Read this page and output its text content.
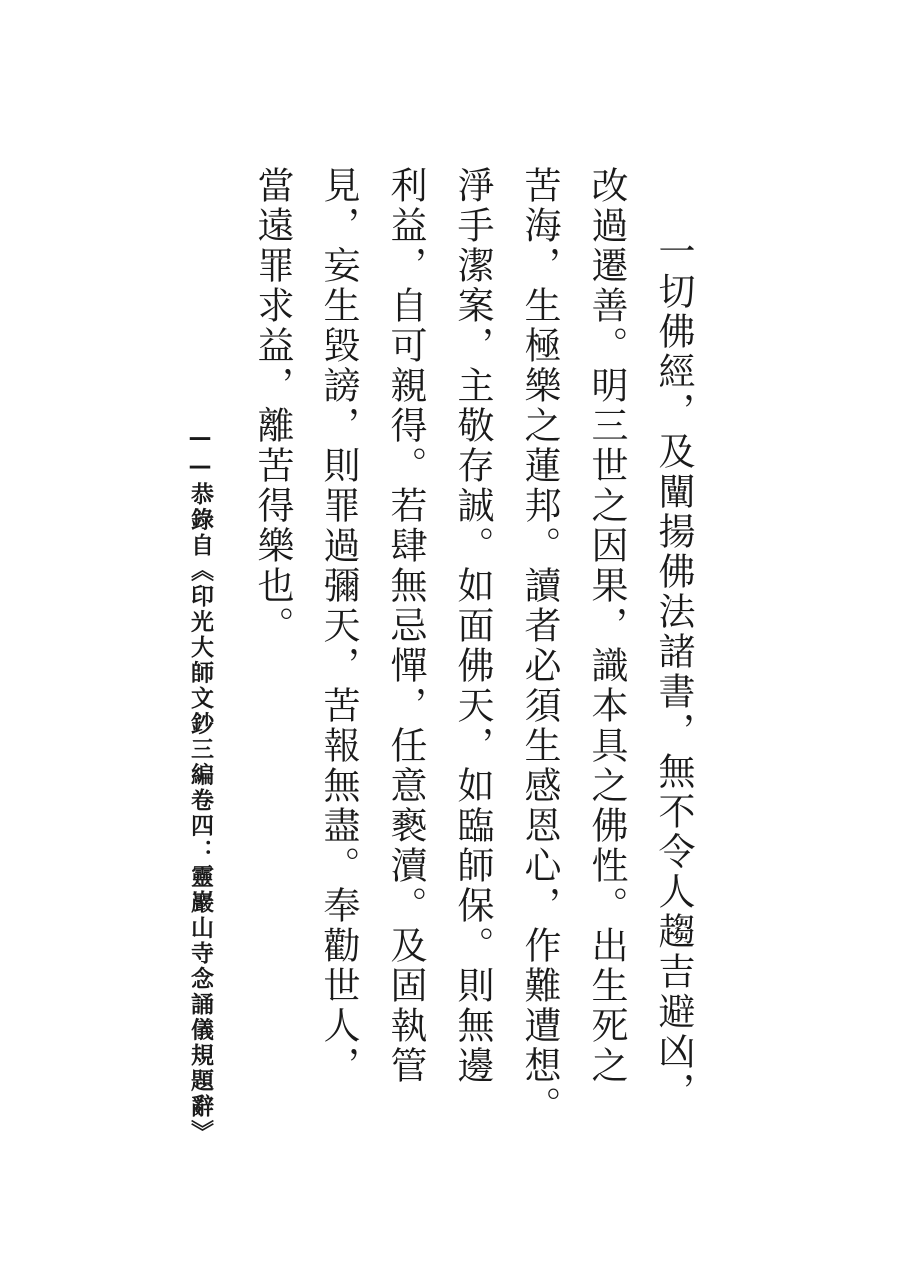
一切佛經，及闡揚佛法諸書，無不令人趨吉避凶，
改過遷善。明三世之因果，識本具之佛性。出生死之
苦海，生極樂之蓮邦。讀者必須生感恩心，作難遭想。
淨手潔案，主敬存誠。如面佛天，如臨師保。則無邊
利益，自可親得。若肆無忌憚，任意褻瀆。及固執管
見，妄生毀謗，則罪過彌天，苦報無盡。奉勸世人，
當遠罪求益，離苦得樂也。
——恭錄自《印光大師文鈔三編卷四：靈巖山寺念誦儀規題辭》
